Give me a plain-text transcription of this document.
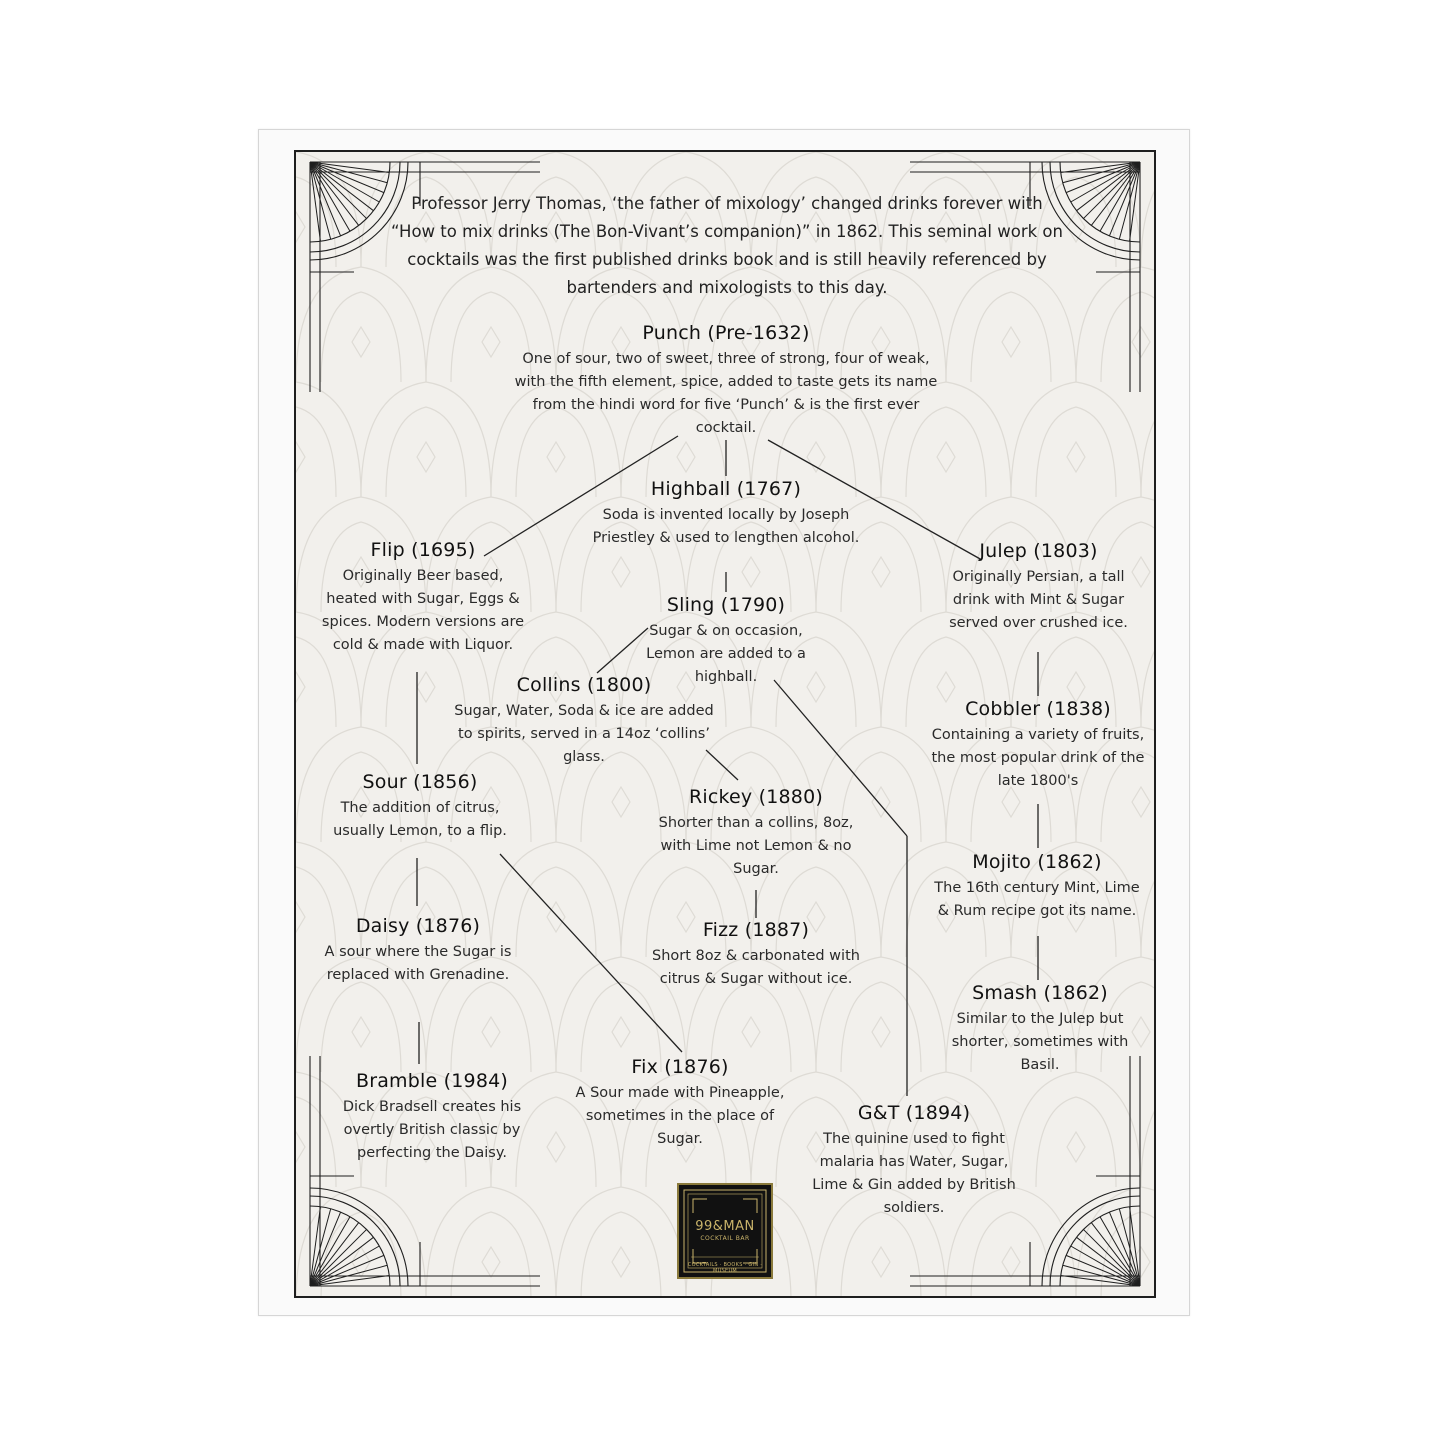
Professor Jerry Thomas, ‘the father of mixology’ changed drinks forever with “How to mix drinks (The Bon-Vivant’s companion)” in 1862. This seminal work on cocktails was the first published drinks book and is still heavily referenced by bartenders and mixologists to this day.
Punch (Pre-1632)
One of sour, two of sweet, three of strong, four of weak, with the fifth element, spice, added to taste gets its name from the hindi word for five ‘Punch’ & is the first ever cocktail.
Highball (1767)
Soda is invented locally by Joseph Priestley & used to lengthen alcohol.
Flip (1695)
Originally Beer based, heated with Sugar, Eggs & spices. Modern versions are cold & made with Liquor.
Julep (1803)
Originally Persian, a tall drink with Mint & Sugar served over crushed ice.
Sling (1790)
Sugar & on occasion, Lemon are added to a highball.
Collins (1800)
Sugar, Water, Soda & ice are added to spirits, served in a 14oz ‘collins’ glass.
Cobbler (1838)
Containing a variety of fruits, the most popular drink of the late 1800's
Sour (1856)
The addition of citrus, usually Lemon, to a flip.
Rickey (1880)
Shorter than a collins, 8oz, with Lime not Lemon & no Sugar.	Mojito (1862)
The 16th century Mint, Lime & Rum recipe got its name.
Daisy (1876)
A sour where the Sugar is replaced with Grenadine.
Fizz (1887)
Short 8oz & carbonated with citrus & Sugar without ice.
Smash (1862)
Similar to the Julep but shorter, sometimes with Basil.
Fix (1876)
A Sour made with Pineapple, sometimes in the place of Sugar.
Bramble (1984)
Dick Bradsell creates his overtly British classic by perfecting the Daisy.
G&T (1894)
The quinine used to fight malaria has Water, Sugar, Lime & Gin added by British soldiers.
99&MAN
COCKTAIL BAR
COCKTAILS · BOOKS · GIN · MUSEUM
